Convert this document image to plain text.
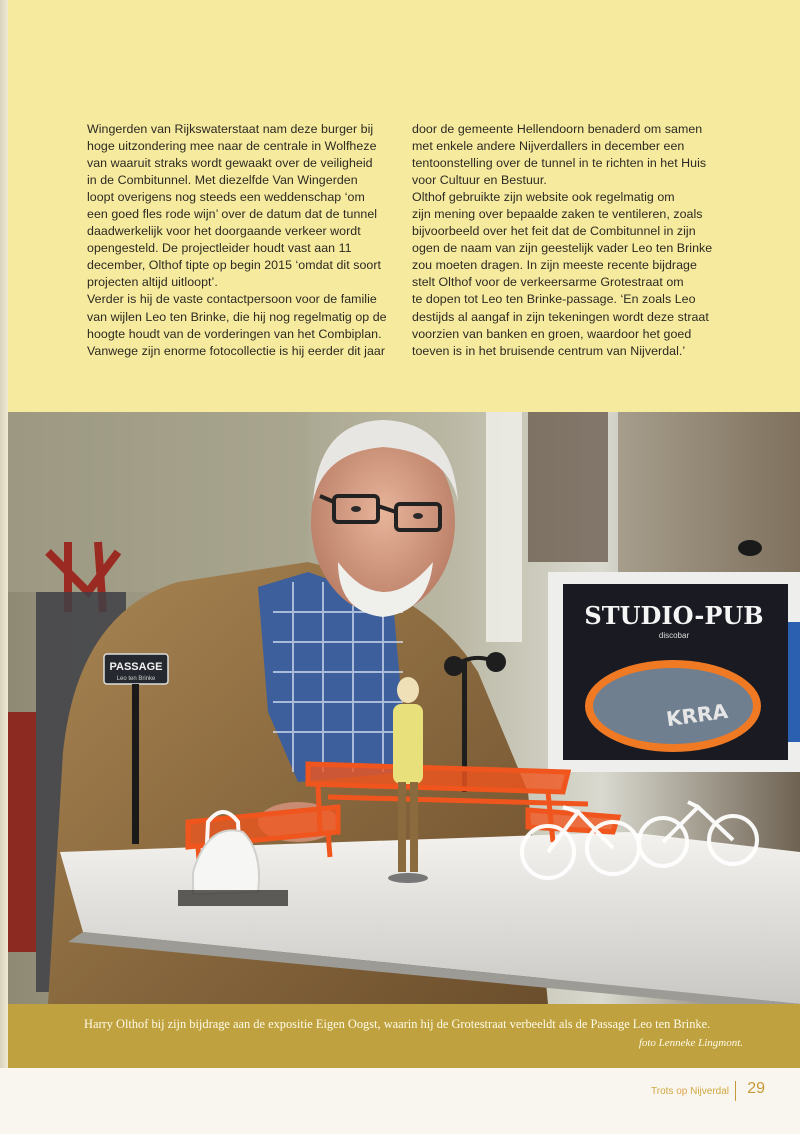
Wingerden van Rijkswaterstaat nam deze burger bij

hoge uitzondering mee naar de centrale in Wolfheze

van waaruit straks wordt gewaakt over de veiligheid

in de Combitunnel. Met diezelfde Van Wingerden

loopt overigens nog steeds een weddenschap ‘om

een goed fles rode wijn’ over de datum dat de tunnel

daadwerkelijk voor het doorgaande verkeer wordt

opengesteld. De projectleider houdt vast aan 11

december, Olthof tipte op begin 2015 ‘omdat dit soort

projecten altijd uitloopt’.

Verder is hij de vaste contactpersoon voor de familie

van wijlen Leo ten Brinke, die hij nog regelmatig op de

hoogte houdt van de vorderingen van het Combiplan.

Vanwege zijn enorme fotocollectie is hij eerder dit jaar

door de gemeente Hellendoorn benaderd om samen

met enkele andere Nijverdallers in december een

tentoonstelling over de tunnel in te richten in het Huis

voor Cultuur en Bestuur.

Olthof gebruikte zijn website ook regelmatig om

zijn mening over bepaalde zaken te ventileren, zoals

bijvoorbeeld over het feit dat de Combitunnel in zijn

ogen de naam van zijn geestelijk vader Leo ten Brinke

zou moeten dragen. In zijn meeste recente bijdrage

stelt Olthof voor de verkeersarme Grotestraat om

te dopen tot Leo ten Brinke-passage. ‘En zoals Leo

destijds al aangaf in zijn tekeningen wordt deze straat

voorzien van banken en groen, waardoor het goed

toeven is in het bruisende centrum van Nijverdal.’

PASSAGE
Leo ten Brinke
STUDIO-PUB
discobar
KRRA

Harry Olthof bij zijn bijdrage aan de expositie Eigen Oogst, waarin hij de Grotestraat verbeeldt als de Passage Leo ten Brinke.

foto Lenneke Lingmont.
Trots op Nijverdal 29
